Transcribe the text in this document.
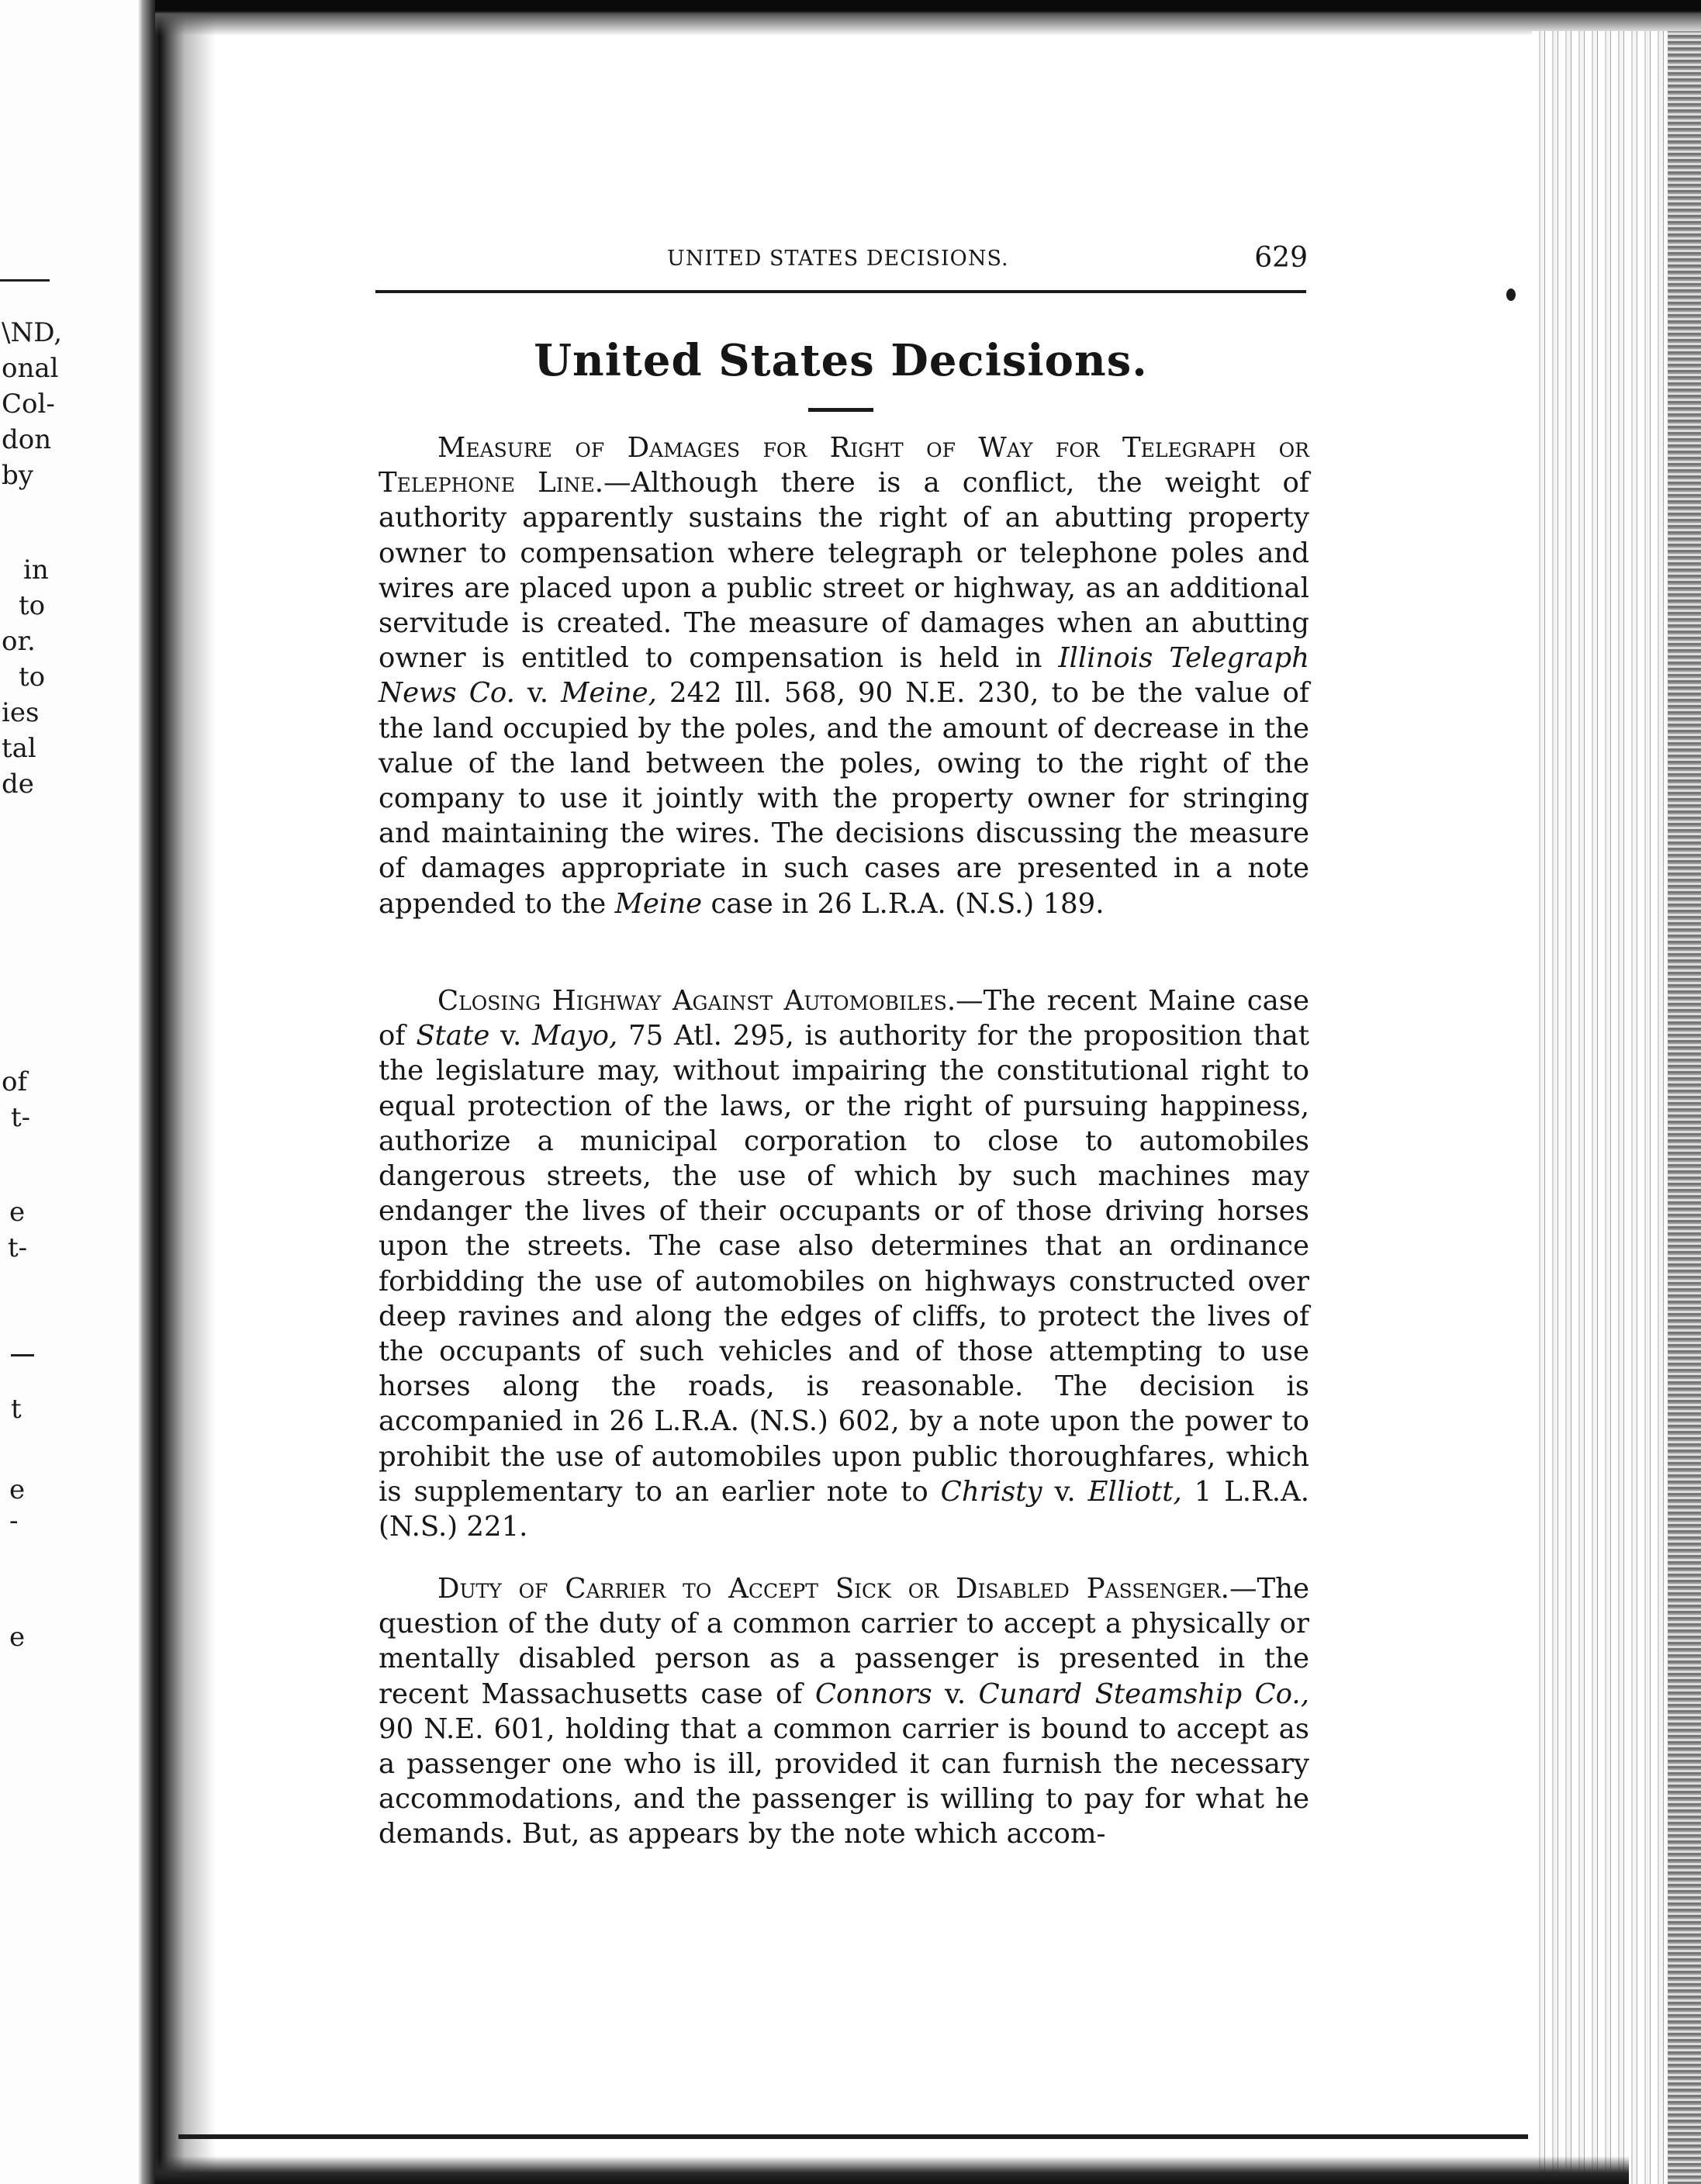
\ND,
onal
Col-
don
by
in
to
or.
to
ies
tal
de
of
t-
e
t-
t
e
-
e
UNITED STATES DECISIONS.	629
United States Decisions.

Measure of Damages for Right of Way for Telegraph or Telephone Line.—Although there is a conflict, the weight of authority apparently sustains the right of an abutting property owner to compensation where telegraph or telephone poles and wires are placed upon a public street or highway, as an additional servitude is created. The measure of damages when an abutting owner is entitled to compensation is held in Illinois Telegraph News Co. v. Meine, 242 Ill. 568, 90 N.E. 230, to be the value of the land occupied by the poles, and the amount of decrease in the value of the land between the poles, owing to the right of the company to use it jointly with the property owner for stringing and maintaining the wires. The decisions discussing the measure of damages appropriate in such cases are presented in a note appended to the Meine case in 26 L.R.A. (N.S.) 189.

Closing Highway Against Automobiles.—The recent Maine case of State v. Mayo, 75 Atl. 295, is authority for the proposition that the legislature may, without impairing the constitutional right to equal protection of the laws, or the right of pursuing happiness, authorize a municipal corporation to close to automobiles dangerous streets, the use of which by such machines may endanger the lives of their occupants or of those driving horses upon the streets. The case also determines that an ordinance forbidding the use of automobiles on highways constructed over deep ravines and along the edges of cliffs, to protect the lives of the occupants of such vehicles and of those attempting to use horses along the roads, is reasonable. The decision is accompanied in 26 L.R.A. (N.S.) 602, by a note upon the power to prohibit the use of automobiles upon public thoroughfares, which is supplementary to an earlier note to Christy v. Elliott, 1 L.R.A. (N.S.) 221.

Duty of Carrier to Accept Sick or Disabled Passenger.—The question of the duty of a common carrier to accept a physically or mentally disabled person as a passenger is presented in the recent Massachusetts case of Connors v. Cunard Steamship Co., 90 N.E. 601, holding that a common carrier is bound to accept as a passenger one who is ill, provided it can furnish the necessary accommodations, and the passenger is willing to pay for what he demands. But, as appears by the note which accom-
